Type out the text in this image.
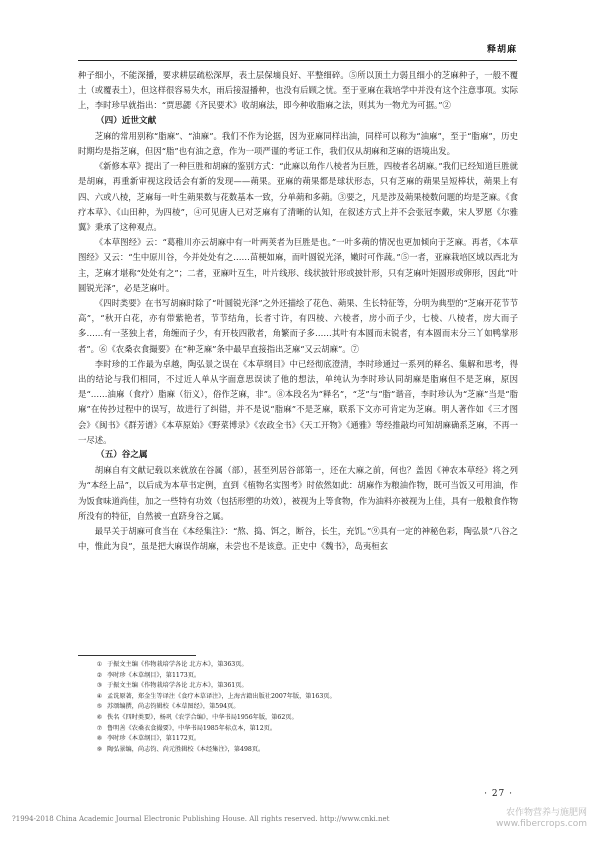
释胡麻

种子细小，不能深播，要求耕层疏松深厚，表土层保墒良好、平整细碎。⑤所以顶土力弱且细小的芝麻种子，一般不覆土（或覆表土），但这样很容易失水，雨后接湿播种，也没有后顾之忧。至于亚麻在栽培学中并没有这个注意事项。实际上，李时珍早就指出：“贾思勰《齐民要术》收胡麻法，即今种收脂麻之法，则其为一物尤为可据。”②

（四）近世文献

芝麻的常用别称“脂麻”、“油麻”。我们不作为论据，因为亚麻同样出油，同样可以称为“油麻”，至于“脂麻”，历史时期均是指芝麻，但因“脂”也有油之意，作为一项严谨的考证工作，我们仅从胡麻和芝麻的语境出发。

《新修本草》提出了一种巨胜和胡麻的鉴别方式：“此麻以角作八棱者为巨胜，四棱者名胡麻。”我们已经知道巨胜就是胡麻，再重新审视这段话会有新的发现——蒴果。亚麻的蒴果都是球状形态，只有芝麻的蒴果呈短棒状，蒴果上有四、六或八棱，芝麻每一叶生蒴果数与花数基本一致，分单蒴和多蒴。③要之，凡是涉及蒴果棱数问题的均是芝麻。《食疗本草》、《山田种，为四棱”，④可见唐人已对芝麻有了清晰的认知，在叙述方式上并不会张冠李戴，宋人罗愿《尔雅翼》秉承了这种观点。

《本草图经》云：“葛稚川亦云胡麻中有一叶两荚者为巨胜是也。”一叶多蒴的情况也更加倾向于芝麻。再者，《本草图经》又云：“生中原川谷，今并处处有之……苗梗如麻，而叶圆锐光泽，嫩时可作蔬。”⑤一者，亚麻栽培区域以西北为主，芝麻才堪称“处处有之”；二者，亚麻叶互生，叶片线形、线状披针形或披针形，只有芝麻叶矩圆形或卵形，因此“叶圆锐光泽”，必是芝麻叶。

《四时类要》在书写胡麻时除了“叶圆锐光泽”之外还描绘了花色、蒴果、生长特征等，分明为典型的“芝麻开花节节高”，“秋开白花，亦有带紫艳者，节节结角，长者寸许，有四棱、六棱者，房小而子少，七棱、八棱者，房大而子多……有一茎独上者，角缠而子少，有开枝四散者，角繁而子多……其叶有本圆而末锐者，有本圆而末分三丫如鸭掌形者”。⑥《农桑衣食撮要》在“种芝麻”条中最早直接指出芝麻“又云胡麻”。⑦

李时珍的工作最为卓越，陶弘景之误在《本草纲目》中已经彻底澄清，李时珍通过一系列的释名、集解和思考，得出的结论与我们相同，不过近人单从字面意思误读了他的想法，单纯认为李时珍认同胡麻是脂麻但不是芝麻，原因是“……油麻（食疗）脂麻（衍义），俗作芝麻，非”。⑧本段名为“释名”，“芝”与“脂”谐音，李时珍认为“芝麻”当是“脂麻”在传抄过程中的误写，故进行了纠错，并不是说“脂麻”不是芝麻，联系下文亦可肯定为芝麻。明人著作如《三才图会》《闽书》《群芳谱》《本草原始》《野菜博录》《农政全书》《天工开物》《通雅》等经推敲均可知胡麻确系芝麻，不再一一尽述。

（五）谷之属

胡麻自有文献记载以来就放在谷属（部），甚至列居谷部第一，还在大麻之前，何也？盖因《神农本草经》将之列为“本经上品”，以后成为本草书定例，直到《植物名实图考》时依然如此：胡麻作为粮油作物，既可当饭又可用油，作为饭食味道尚佳，加之一些特有功效（包括形塑的功效），被视为上等食物，作为油料亦被视为上佳，具有一般粮食作物所没有的特征，自然被一直跻身谷之属。

最早关于胡麻可食当在《本经集注》：“熬、捣、饵之，断谷，长生，充饥。”⑨具有一定的神秘色彩，陶弘景“八谷之中，惟此为良”，虽是把大麻误作胡麻，未尝也不是该意。正史中《魏书》，岛夷桓玄

① 于振文主编《作物栽培学各论 北方本》，第363页。
② 李时珍《本草纲目》，第1173页。
③ 于振文主编《作物栽培学各论 北方本》，第361页。
④ 孟诜原著，郑金生等译注《食疗本草译注》，上海古籍出版社2007年版，第163页。
⑤ 苏颂编撰，尚志钧辑校《本草图经》，第594页。
⑥ 佚名《四时类要》，杨巩《农学合编》，中华书局1956年版，第62页。
⑦ 鲁明善《农桑衣食撮要》，中华书局1985年标点本，第12页。
⑧ 李时珍《本草纲目》，第1172页。
⑨ 陶弘景编，尚志钧、尚元胜辑校《本经集注》，第498页。
· 27 ·
?1994-2018 China Academic Journal Electronic Publishing House. All rights reserved. http://www.cnki.net
农作物营养与施肥网
www.fibercrops.com
